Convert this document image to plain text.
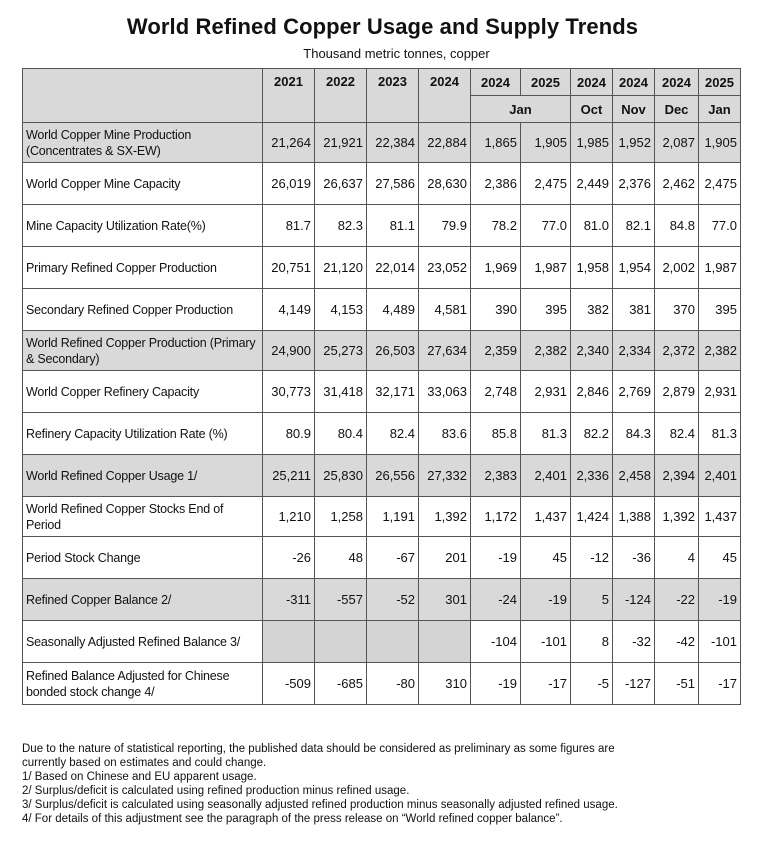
World Refined Copper Usage and Supply Trends
Thousand metric tonnes, copper
	2021	2022	2023	2024	2024	2025	2024	2024	2024	2025
					Jan		Oct	Nov	Dec	Jan
World Copper Mine Production (Concentrates & SX-EW)	21,264	21,921	22,384	22,884	1,865	1,905	1,985	1,952	2,087	1,905
World Copper Mine Capacity	26,019	26,637	27,586	28,630	2,386	2,475	2,449	2,376	2,462	2,475
Mine Capacity Utilization Rate(%)	81.7	82.3	81.1	79.9	78.2	77.0	81.0	82.1	84.8	77.0
Primary Refined Copper Production	20,751	21,120	22,014	23,052	1,969	1,987	1,958	1,954	2,002	1,987
Secondary Refined Copper Production	4,149	4,153	4,489	4,581	390	395	382	381	370	395
World Refined Copper Production (Primary & Secondary)	24,900	25,273	26,503	27,634	2,359	2,382	2,340	2,334	2,372	2,382
World Copper Refinery Capacity	30,773	31,418	32,171	33,063	2,748	2,931	2,846	2,769	2,879	2,931
Refinery Capacity Utilization Rate (%)	80.9	80.4	82.4	83.6	85.8	81.3	82.2	84.3	82.4	81.3
World Refined Copper Usage 1/	25,211	25,830	26,556	27,332	2,383	2,401	2,336	2,458	2,394	2,401
World Refined Copper Stocks End of Period	1,210	1,258	1,191	1,392	1,172	1,437	1,424	1,388	1,392	1,437
Period Stock Change	-26	48	-67	201	-19	45	-12	-36	4	45
Refined Copper Balance 2/	-311	-557	-52	301	-24	-19	5	-124	-22	-19
Seasonally Adjusted Refined Balance 3/					-104	-101	8	-32	-42	-101
Refined Balance Adjusted for Chinese bonded stock change 4/	-509	-685	-80	310	-19	-17	-5	-127	-51	-17
Due to the nature of statistical reporting, the published data should be considered as preliminary as some figures are
currently based on estimates and could change.
1/ Based on Chinese and EU apparent usage.
2/ Surplus/deficit is calculated using refined production minus refined usage.
3/ Surplus/deficit is calculated using seasonally adjusted refined production minus seasonally adjusted refined usage.
4/ For details of this adjustment see the paragraph of the press release on “World refined copper balance”.
